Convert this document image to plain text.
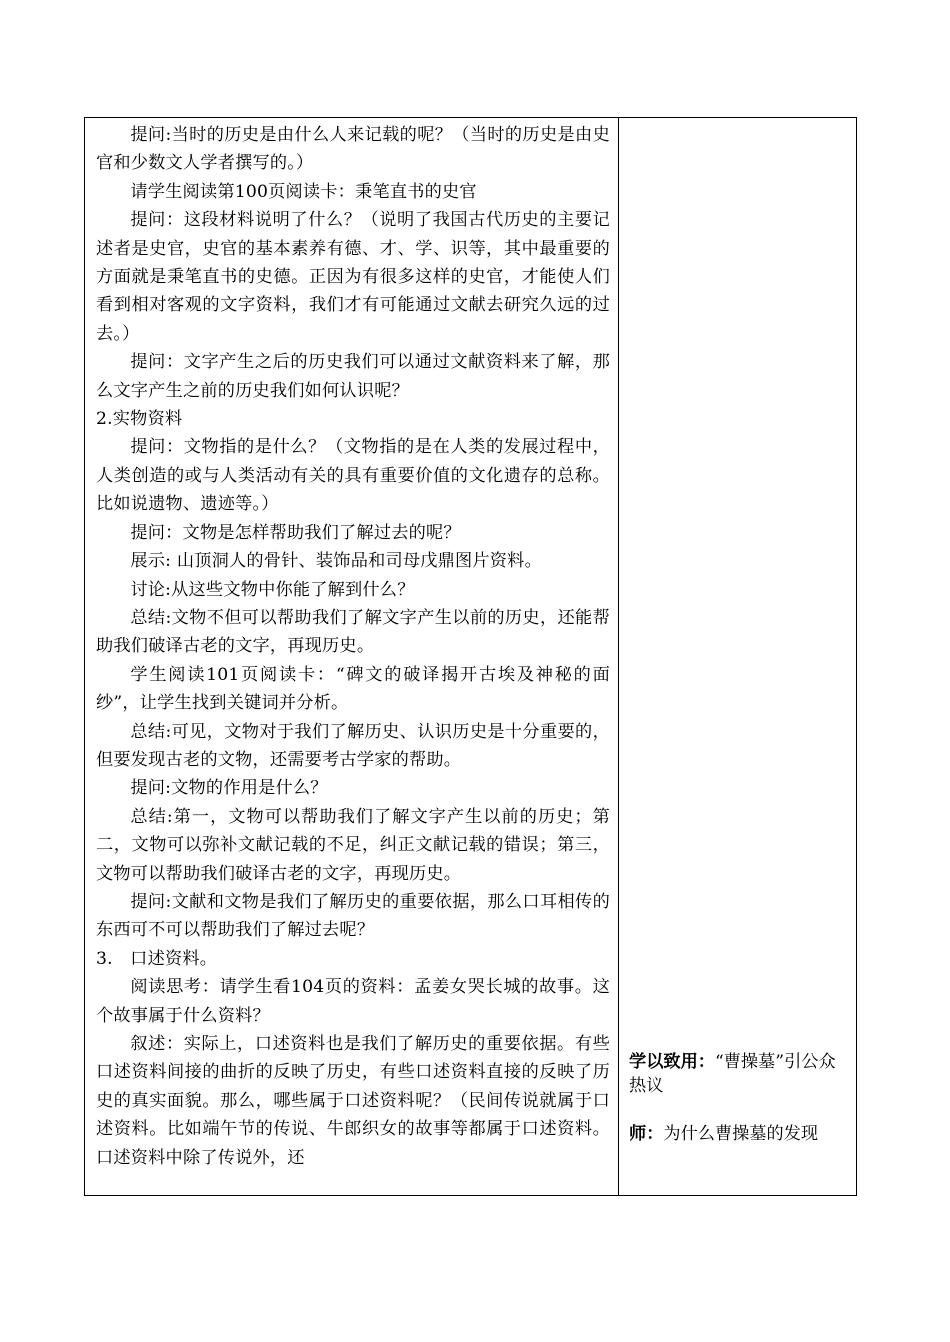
提问:当时的历史是由什么人来记载的呢？（当时的历史是由史官和少数文人学者撰写的。）

请学生阅读第100页阅读卡：秉笔直书的史官

提问：这段材料说明了什么？（说明了我国古代历史的主要记述者是史官，史官的基本素养有德、才、学、识等，其中最重要的方面就是秉笔直书的史德。正因为有很多这样的史官，才能使人们看到相对客观的文字资料，我们才有可能通过文献去研究久远的过去。）

提问：文字产生之后的历史我们可以通过文献资料来了解，那么文字产生之前的历史我们如何认识呢？

2.实物资料

提问：文物指的是什么？（文物指的是在人类的发展过程中，人类创造的或与人类活动有关的具有重要价值的文化遗存的总称。比如说遗物、遗迹等。）

提问：文物是怎样帮助我们了解过去的呢？

展示: 山顶洞人的骨针、装饰品和司母戊鼎图片资料。

讨论:从这些文物中你能了解到什么？

总结:文物不但可以帮助我们了解文字产生以前的历史，还能帮助我们破译古老的文字，再现历史。

学生阅读101页阅读卡：“碑文的破译揭开古埃及神秘的面纱”，让学生找到关键词并分析。

总结:可见，文物对于我们了解历史、认识历史是十分重要的，但要发现古老的文物，还需要考古学家的帮助。

提问:文物的作用是什么？

总结:第一，文物可以帮助我们了解文字产生以前的历史；第二，文物可以弥补文献记载的不足，纠正文献记载的错误；第三，文物可以帮助我们破译古老的文字，再现历史。

提问:文献和文物是我们了解历史的重要依据，那么口耳相传的东西可不可以帮助我们了解过去呢？

3.　口述资料。

阅读思考：请学生看104页的资料：孟姜女哭长城的故事。这个故事属于什么资料？

叙述：实际上，口述资料也是我们了解历史的重要依据。有些口述资料间接的曲折的反映了历史，有些口述资料直接的反映了历史的真实面貌。那么，哪些属于口述资料呢？（民间传说就属于口述资料。比如端午节的传说、牛郎织女的故事等都属于口述资料。口述资料中除了传说外，还

学以致用：“曹操墓”引公众热议

师：为什么曹操墓的发现
